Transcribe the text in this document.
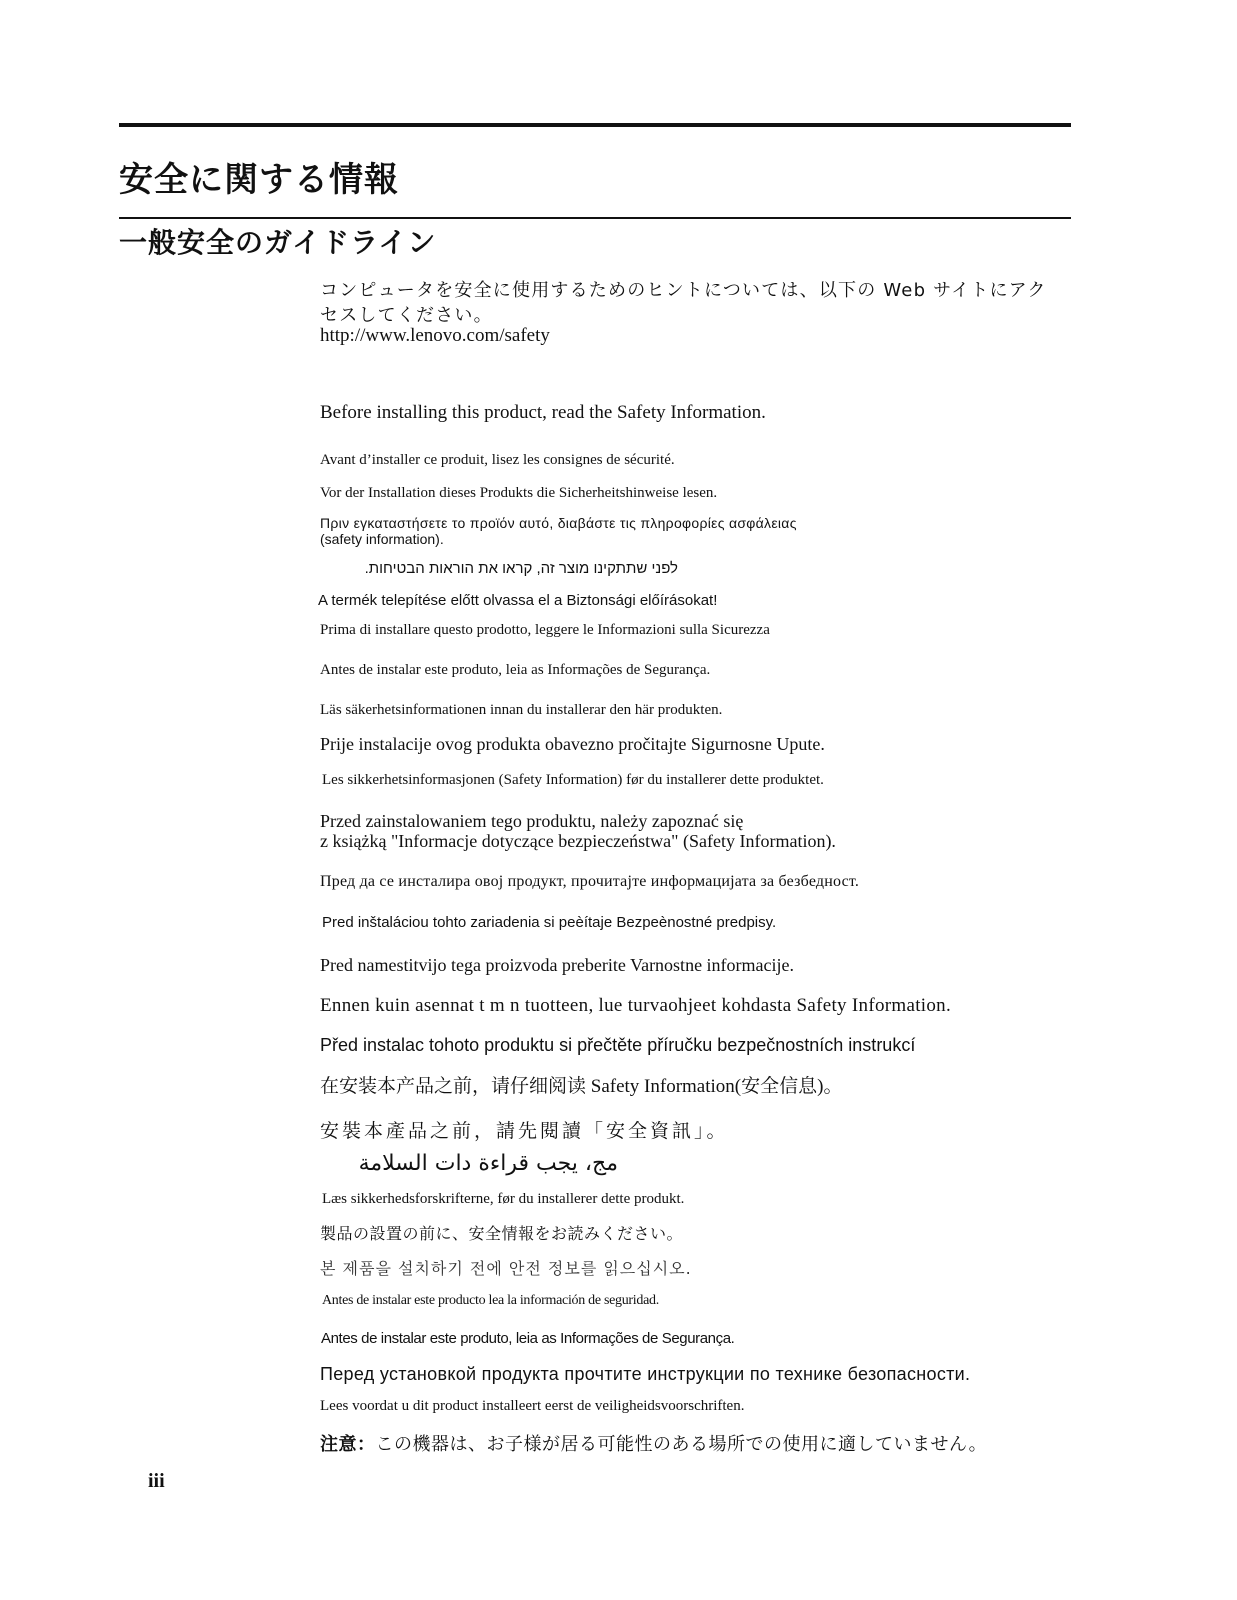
安全に関する情報
一般安全のガイドライン
コンピュータを安全に使用するためのヒントについては、以下の Web サイトにアク
セスしてください。
http://www.lenovo.com/safety
Before installing this product, read the Safety Information.
Avant d’installer ce produit, lisez les consignes de sécurité.
Vor der Installation dieses Produkts die Sicherheitshinweise lesen.
Πριν εγκαταστήσετε το προϊόν αυτό, διαβάστε τις πληροφορίες ασφάλειας
(safety information).
לפני שתתקינו מוצר זה, קראו את הוראות הבטיחות.
A termék telepítése előtt olvassa el a Biztonsági előírásokat!
Prima di installare questo prodotto, leggere le Informazioni sulla Sicurezza
Antes de instalar este produto, leia as Informações de Segurança.
Läs säkerhetsinformationen innan du installerar den här produkten.
Prije instalacije ovog produkta obavezno pročitajte Sigurnosne Upute.
Les sikkerhetsinformasjonen (Safety Information) før du installerer dette produktet.
Przed zainstalowaniem tego produktu, należy zapoznać się
z książką "Informacje dotyczące bezpieczeństwa" (Safety Information).
Пред да се инсталира овој продукт, прочитајте информацијата за безбедност.
Pred inštaláciou tohto zariadenia si peèítaje Bezpeènostné predpisy.
Pred namestitvijo tega proizvoda preberite Varnostne informacije.
Ennen kuin asennat t m n tuotteen, lue turvaohjeet kohdasta Safety Information.
Před instalac tohoto produktu si přečtěte příručku bezpečnostních instrukcí
在安装本产品之前，请仔细阅读 Safety Information(安全信息)。
安裝本產品之前，請先閱讀「安全資訊」。
مج، يجب قراءة دات السلامة
Læs sikkerhedsforskrifterne, før du installerer dette produkt.
製品の設置の前に、安全情報をお読みください。
본 제품을 설치하기 전에 안전 정보를 읽으십시오.
Antes de instalar este producto lea la información de seguridad.
Antes de instalar este produto, leia as Informações de Segurança.
Перед установкой продукта прочтите инструкции по технике безопасности.
Lees voordat u dit product installeert eerst de veiligheidsvoorschriften.
注意：この機器は、お子様が居る可能性のある場所での使用に適していません。
iii
